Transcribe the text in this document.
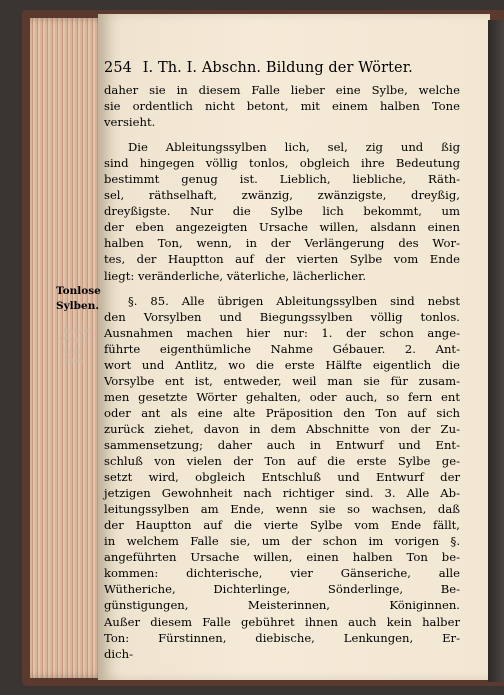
254 I. Th. I. Abschn. Bildung der Wörter.
Tonlose
Sylben.
Bau der
Wörter hinge-
schen
daher sie in diesem Falle lieber eine Sylbe, welche
sie ordentlich nicht betont, mit einem halben Tone
versieht.
Die Ableitungssylben lich, sel, zig und ßig
sind hingegen völlig tonlos, obgleich ihre Bedeutung
bestimmt genug ist. Lieblich, liebliche, Räth-
sel, räthselhaft, zwänzig, zwänzigste, dreyßig,
dreyßigste. Nur die Sylbe lich bekommt, um
der eben angezeigten Ursache willen, alsdann einen
halben Ton, wenn, in der Verlängerung des Wor-
tes, der Hauptton auf der vierten Sylbe vom Ende
liegt: veränderliche, väterliche, lächerlicher.
§. 85. Alle übrigen Ableitungssylben sind nebst
den Vorsylben und Biegungssylben völlig tonlos.
Ausnahmen machen hier nur: 1. der schon ange-
führte eigenthümliche Nahme Gébauer. 2. Ant-
wort und Antlitz, wo die erste Hälfte eigentlich die
Vorsylbe ent ist, entweder, weil man sie für zusam-
men gesetzte Wörter gehalten, oder auch, so fern ent
oder ant als eine alte Präposition den Ton auf sich
zurück ziehet, davon in dem Abschnitte von der Zu-
sammensetzung; daher auch in Entwurf und Ent-
schluß von vielen der Ton auf die erste Sylbe ge-
setzt wird, obgleich Entschluß und Entwurf der
jetzigen Gewohnheit nach richtiger sind. 3. Alle Ab-
leitungssylben am Ende, wenn sie so wachsen, daß
der Hauptton auf die vierte Sylbe vom Ende fällt,
in welchem Falle sie, um der schon im vorigen §.
angeführten Ursache willen, einen halben Ton be-
kommen: dichterische, vier Gänseriche, alle
Wütheriche, Dichterlinge, Sönderlinge, Be-
günstigungen, Meisterinnen, Königinnen.
Außer diesem Falle gebühret ihnen auch kein halber
Ton: Fürstinnen, diebische, Lenkungen, Er-
dich-
